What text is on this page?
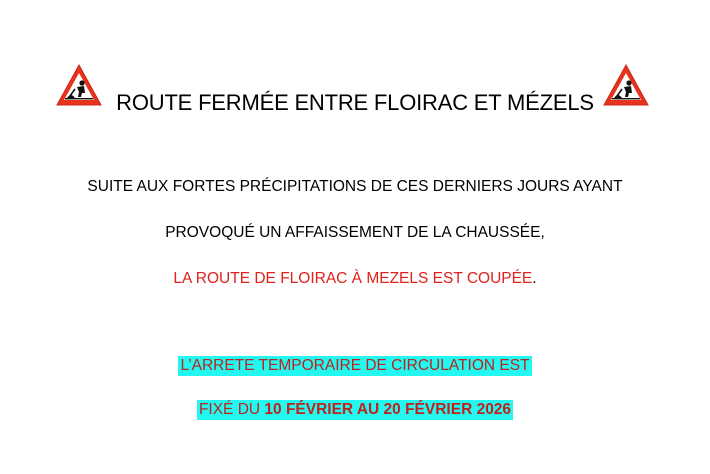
ROUTE FERMÉE ENTRE FLOIRAC ET MÉZELS
SUITE AUX FORTES PRÉCIPITATIONS DE CES DERNIERS JOURS AYANT
PROVOQUÉ UN AFFAISSEMENT DE LA CHAUSSÉE,
LA ROUTE DE FLOIRAC À MEZELS EST COUPÉE.
L’ARRETE TEMPORAIRE DE CIRCULATION EST
FIXÉ DU 10 FÉVRIER AU 20 FÉVRIER 2026
